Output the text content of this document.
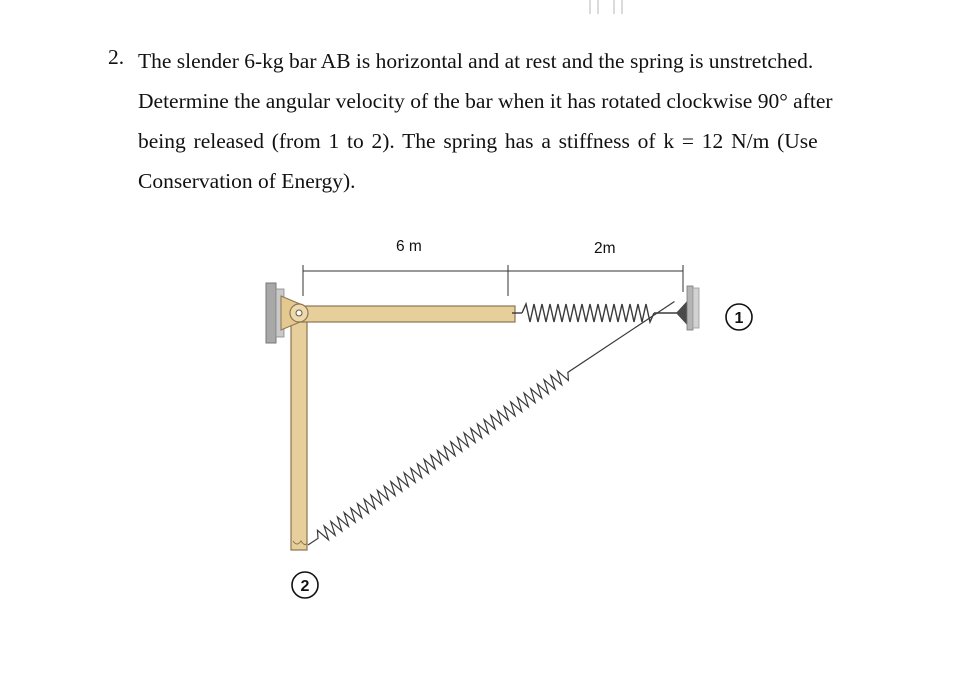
2. The slender 6-kg bar AB is horizontal and at rest and the spring is unstretched.
Determine the angular velocity of the bar when it has rotated clockwise 90° after
being released (from 1 to 2). The spring has a stiffness of k = 12 N/m (Use
Conservation of Energy).
6 m	2m
1
2
